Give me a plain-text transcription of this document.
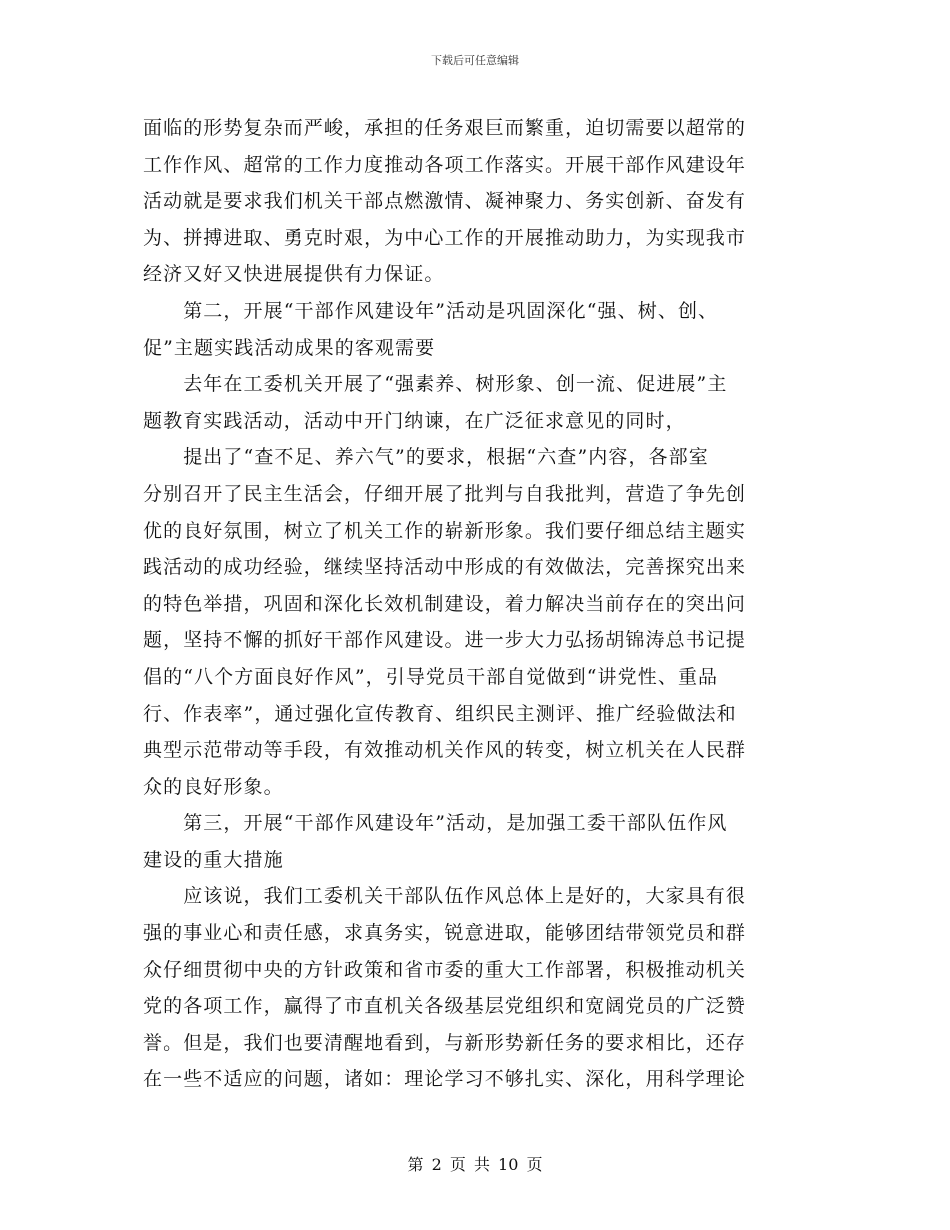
下载后可任意编辑
面临的形势复杂而严峻，承担的任务艰巨而繁重，迫切需要以超常的
工作作风、超常的工作力度推动各项工作落实。开展干部作风建设年
活动就是要求我们机关干部点燃激情、凝神聚力、务实创新、奋发有
为、拼搏进取、勇克时艰，为中心工作的开展推动助力，为实现我市
经济又好又快进展提供有力保证。
　　第二，开展“干部作风建设年”活动是巩固深化“强、树、创、
促”主题实践活动成果的客观需要
　　去年在工委机关开展了“强素养、树形象、创一流、促进展”主
题教育实践活动，活动中开门纳谏，在广泛征求意见的同时，
　　提出了“查不足、养六气”的要求，根据“六查”内容，各部室
分别召开了民主生活会，仔细开展了批判与自我批判，营造了争先创
优的良好氛围，树立了机关工作的崭新形象。我们要仔细总结主题实
践活动的成功经验，继续坚持活动中形成的有效做法，完善探究出来
的特色举措，巩固和深化长效机制建设，着力解决当前存在的突出问
题，坚持不懈的抓好干部作风建设。进一步大力弘扬胡锦涛总书记提
倡的“八个方面良好作风”，引导党员干部自觉做到“讲党性、重品
行、作表率”，通过强化宣传教育、组织民主测评、推广经验做法和
典型示范带动等手段，有效推动机关作风的转变，树立机关在人民群
众的良好形象。
　　第三，开展“干部作风建设年”活动，是加强工委干部队伍作风
建设的重大措施
　　应该说，我们工委机关干部队伍作风总体上是好的，大家具有很
强的事业心和责任感，求真务实，锐意进取，能够团结带领党员和群
众仔细贯彻中央的方针政策和省市委的重大工作部署，积极推动机关
党的各项工作，赢得了市直机关各级基层党组织和宽阔党员的广泛赞
誉。但是，我们也要清醒地看到，与新形势新任务的要求相比，还存
在一些不适应的问题，诸如：理论学习不够扎实、深化，用科学理论
第 2 页 共 10 页
